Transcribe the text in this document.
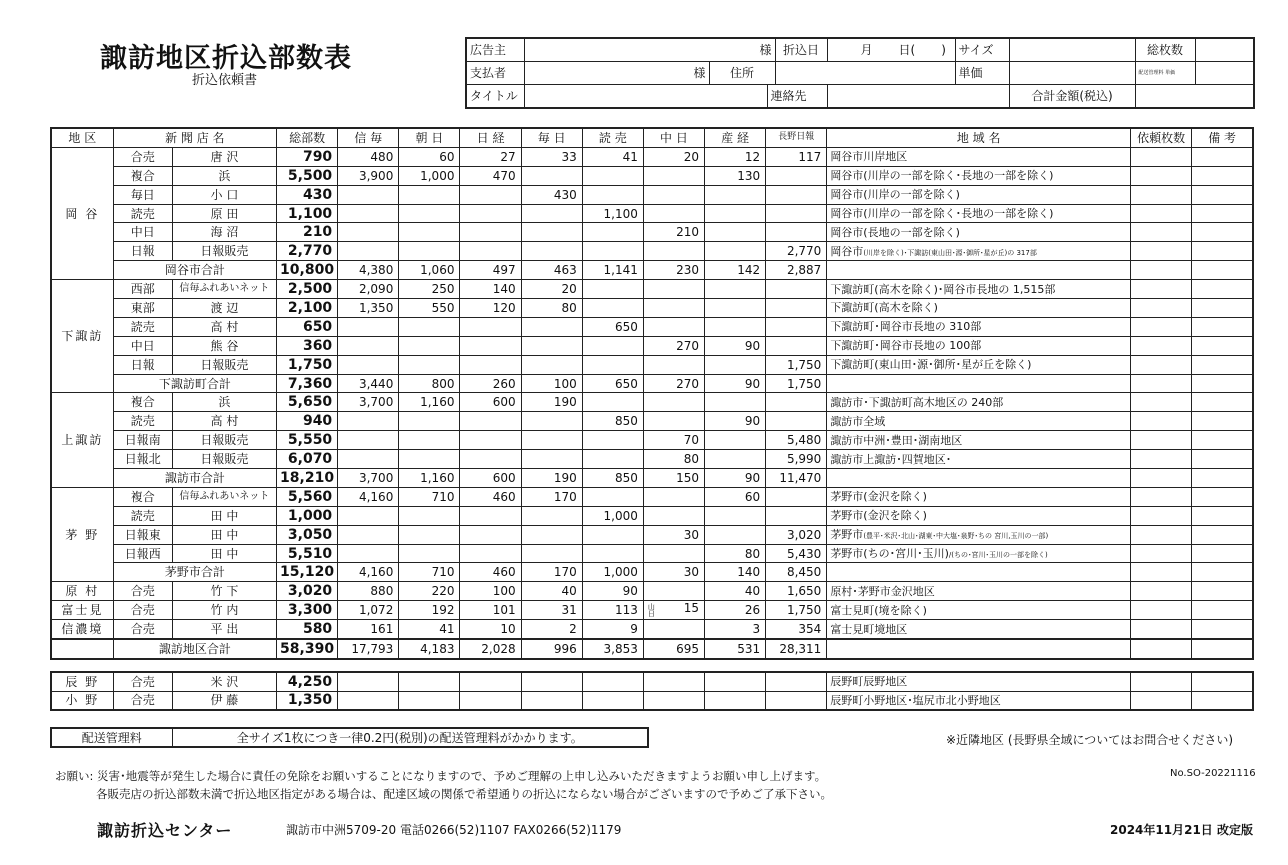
諏訪地区折込部数表
折込依頼書
広告主	様			折込日	月 日( )	サイズ		総枚数	
支払者	様	住所				単価		配送管理料 単価	
タイトル			連絡先				合計金額(税込)		
地 区	新 聞 店 名		総部数	信 毎	朝 日	日 経	毎 日	読 売	中 日	産 経	長野日報	地 域 名	依頼枚数	備 考
岡 谷	合売	唐 沢	790	480	60	27	33	41	20	12	117	岡谷市川岸地区		
	複合	浜	5,500	3,900	1,000	470				130		岡谷市(川岸の一部を除く･長地の一部を除く)		
	毎日	小 口	430				430					岡谷市(川岸の一部を除く)		
	読売	原 田	1,100					1,100				岡谷市(川岸の一部を除く･長地の一部を除く)		
	中日	海 沼	210						210			岡谷市(長地の一部を除く)		
	日報	日報販売	2,770								2,770	岡谷市(川岸を除く)･下諏訪(東山田･源･御所･星が丘)の 317部		
	岡谷市合計		10,800	4,380	1,060	497	463	1,141	230	142	2,887			
下諏訪	西部	信毎ふれあいネット	2,500	2,090	250	140	20					下諏訪町(高木を除く)･岡谷市長地の 1,515部		
	東部	渡 辺	2,100	1,350	550	120	80					下諏訪町(高木を除く)		
	読売	高 村	650					650				下諏訪町･岡谷市長地の 310部		
	中日	熊 谷	360						270	90		下諏訪町･岡谷市長地の 100部		
	日報	日報販売	1,750								1,750	下諏訪町(東山田･源･御所･星が丘を除く)		
	下諏訪町合計		7,360	3,440	800	260	100	650	270	90	1,750			
上諏訪	複合	浜	5,650	3,700	1,160	600	190					諏訪市･下諏訪町高木地区の 240部		
	読売	高 村	940					850		90		諏訪市全域		
	日報南	日報販売	5,550						70		5,480	諏訪市中洲･豊田･湖南地区		
	日報北	日報販売	6,070						80		5,990	諏訪市上諏訪･四賀地区･		
	諏訪市合計		18,210	3,700	1,160	600	190	850	150	90	11,470			
茅 野	複合	信毎ふれあいネット	5,560	4,160	710	460	170			60		茅野市(金沢を除く)		
	読売	田 中	1,000					1,000				茅野市(金沢を除く)		
	日報東	田 中	3,050						30		3,020	茅野市(豊平･米沢･北山･湖東･中大塩･泉野･ちの 宮川,玉川の一部)		
	日報西	田 中	5,510							80	5,430	茅野市(ちの･宮川･玉川)/(ちの･宮川･玉川の一部を除く)		
	茅野市合計		15,120	4,160	710	460	170	1,000	30	140	8,450			
原 村	合売	竹 下	3,020	880	220	100	40	90		40	1,650	原村･茅野市金沢地区		
富士見	合売	竹 内	3,300	1,072	192	101	31	113	山日 15	26	1,750	富士見町(境を除く)		
信濃境	合売	平 出	580	161	41	10	2	9		3	354	富士見町境地区		
	諏訪地区合計		58,390	17,793	4,183	2,028	996	3,853	695	531	28,311			
辰 野	合売	米 沢	4,250									辰野町辰野地区		
小 野	合売	伊 藤	1,350									辰野町小野地区･塩尻市北小野地区		
配送管理料	全サイズ1枚につき一律0.2円(税別)の配送管理料がかかります。	※近隣地区 (長野県全域についてはお問合せください)
お願い: 災害･地震等が発生した場合に責任の免除をお願いすることになりますので、予めご理解の上申し込みいただきますようお願い申し上げます。
各販売店の折込部数未満で折込地区指定がある場合は、配達区域の関係で希望通りの折込にならない場合がございますので予めご了承下さい。
No.SO-20221116
諏訪折込センター	諏訪市中洲5709-20 電話0266(52)1107 FAX0266(52)1179	2024年11月21日 改定版
